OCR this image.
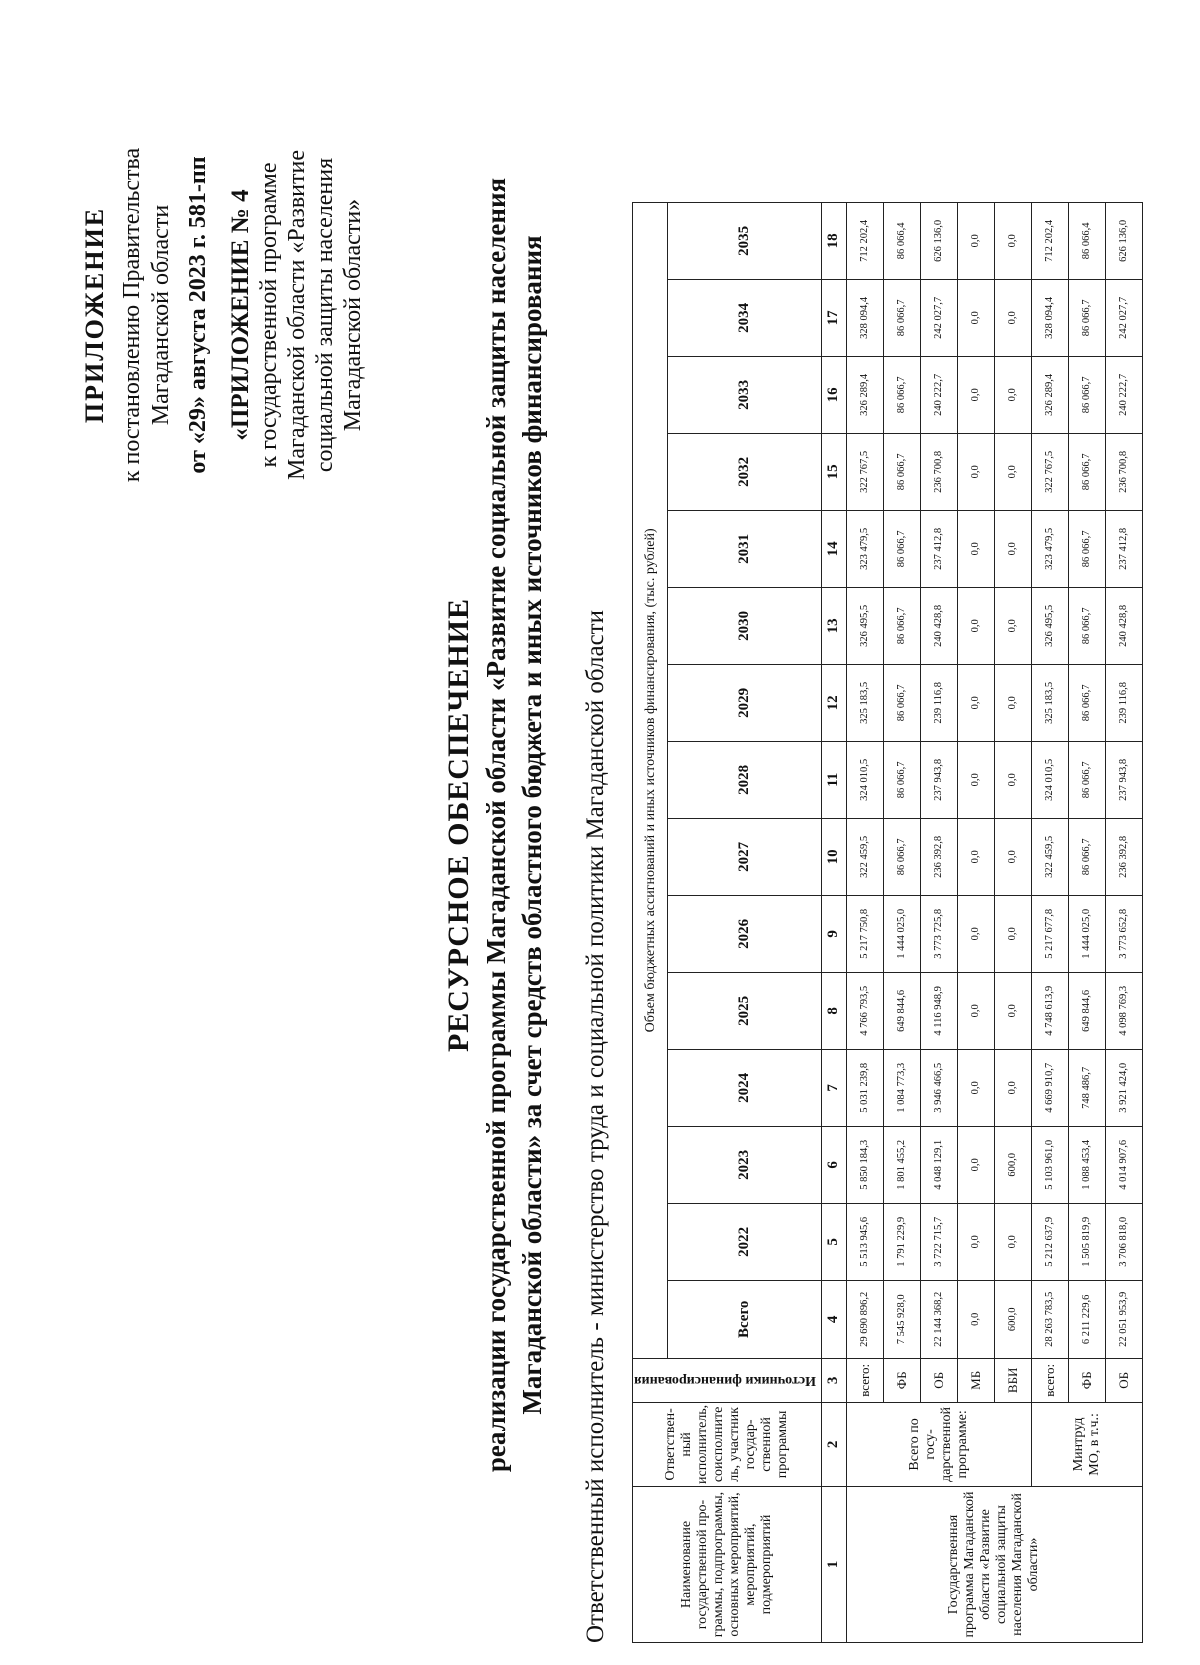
ПРИЛОЖЕНИЕ к постановлению Правительства Магаданской области от «29» августа 2023 г. 581-пп «ПРИЛОЖЕНИЕ № 4 к государственной программе Магаданской области «Развитие социальной защиты населения Магаданской области»
РЕСУРСНОЕ ОБЕСПЕЧЕНИЕ реализации государственной программы Магаданской области «Развитие социальной защиты населения Магаданской области» за счет средств областного бюджета и иных источников финансирования Ответственный исполнитель - министерство труда и социальной политики Магаданской области	Наименование государственной про-граммы, подпрограммы, основных мероприятий, мероприятий, подмероприятий	Ответствен-ный исполнитель, соисполните ль, участник государ-ственной программы	Источники финансирования	Объем бюджетных ассигнований и иных источников финансирования, (тыс. рублей)														
			Всего	2022	2023	2024	2025	2026	2027	2028	2029	2030	2031	2032	2033	2034	2035
1	2	3	4	5	6	7	8	9	10	11	12	13	14	15	16	17	18
Государственная программа Магаданской области «Развитие социальной защиты населения Магаданской области»	Всего по госу-дарственной программе:	всего:	29 690 896,2	5 513 945,6	5 850 184,3	5 031 239,8	4 766 793,5	5 217 750,8	322 459,5	324 010,5	325 183,5	326 495,5	323 479,5	322 767,5	326 289,4	328 094,4	712 202,4
		ФБ	7 545 928,0	1 791 229,9	1 801 455,2	1 084 773,3	649 844,6	1 444 025,0	86 066,7	86 066,7	86 066,7	86 066,7	86 066,7	86 066,7	86 066,7	86 066,7	86 066,4
		ОБ	22 144 368,2	3 722 715,7	4 048 129,1	3 946 466,5	4 116 948,9	3 773 725,8	236 392,8	237 943,8	239 116,8	240 428,8	237 412,8	236 700,8	240 222,7	242 027,7	626 136,0
		МБ	0,0	0,0	0,0	0,0	0,0	0,0	0,0	0,0	0,0	0,0	0,0	0,0	0,0	0,0	0,0
		ВБИ	600,0	0,0	600,0	0,0	0,0	0,0	0,0	0,0	0,0	0,0	0,0	0,0	0,0	0,0	0,0
	Минтруд МО, в т.ч.:	всего:	28 263 783,5	5 212 637,9	5 103 961,0	4 669 910,7	4 748 613,9	5 217 677,8	322 459,5	324 010,5	325 183,5	326 495,5	323 479,5	322 767,5	326 289,4	328 094,4	712 202,4
		ФБ	6 211 229,6	1 505 819,9	1 088 453,4	748 486,7	649 844,6	1 444 025,0	86 066,7	86 066,7	86 066,7	86 066,7	86 066,7	86 066,7	86 066,7	86 066,7	86 066,4
		ОБ	22 051 953,9	3 706 818,0	4 014 907,6	3 921 424,0	4 098 769,3	3 773 652,8	236 392,8	237 943,8	239 116,8	240 428,8	237 412,8	236 700,8	240 222,7	242 027,7	626 136,0
